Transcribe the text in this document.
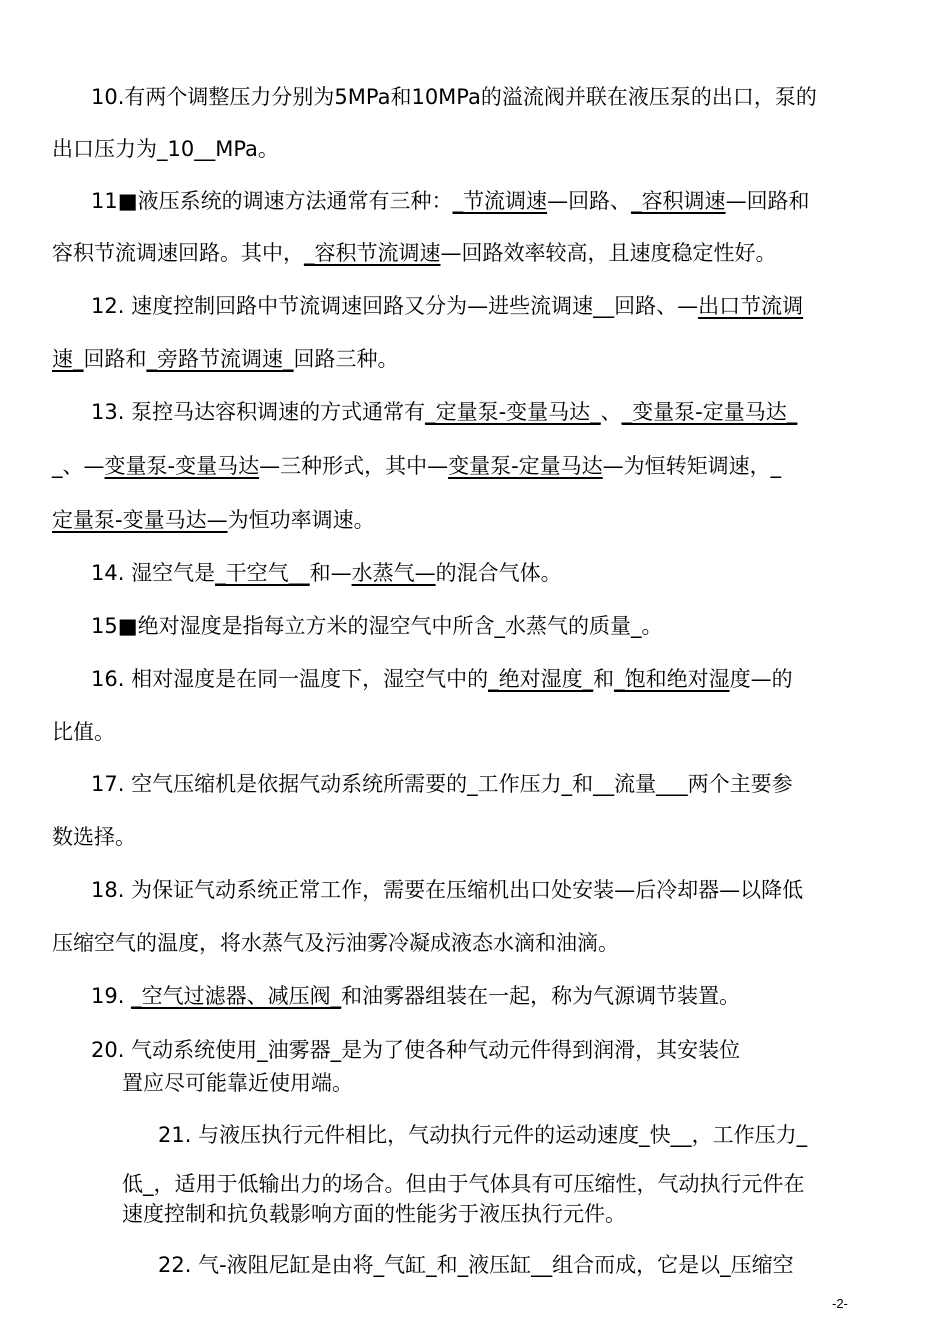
10.有两个调整压力分别为5MPa和10MPa的溢流阀并联在液压泵的出口，泵的
出口压力为_10__MPa。
11■液压系统的调速方法通常有三种：_节流调速—回路、_容积调速—回路和
容积节流调速回路。其中，_容积节流调速—回路效率较高，且速度稳定性好。
12. 速度控制回路中节流调速回路又分为—进些流调速__回路、—出口节流调
速_回路和_旁路节流调速_回路三种。
13. 泵控马达容积调速的方式通常有_定量泵-变量马达_、_变量泵-定量马达_
_、—变量泵-变量马达—三种形式，其中—变量泵-定量马达—为恒转矩调速，_
定量泵-变量马达—为恒功率调速。
14. 湿空气是_干空气__和—水蒸气—的混合气体。
15■绝对湿度是指每立方米的湿空气中所含_水蒸气的质量_。
16. 相对湿度是在同一温度下，湿空气中的_绝对湿度_和_饱和绝对湿度—的
比值。
17. 空气压缩机是依据气动系统所需要的_工作压力_和__流量___两个主要参
数选择。
18. 为保证气动系统正常工作，需要在压缩机出口处安装—后冷却器—以降低
压缩空气的温度，将水蒸气及污油雾冷凝成液态水滴和油滴。
19. _空气过滤器、减压阀_和油雾器组装在一起，称为气源调节装置。
20. 气动系统使用_油雾器_是为了使各种气动元件得到润滑，其安装位
置应尽可能靠近使用端。
21. 与液压执行元件相比，气动执行元件的运动速度_快__，工作压力_
低_，适用于低输出力的场合。但由于气体具有可压缩性，气动执行元件在
速度控制和抗负载影响方面的性能劣于液压执行元件。
22. 气-液阻尼缸是由将_气缸_和_液压缸__组合而成，它是以_压缩空
-2-
